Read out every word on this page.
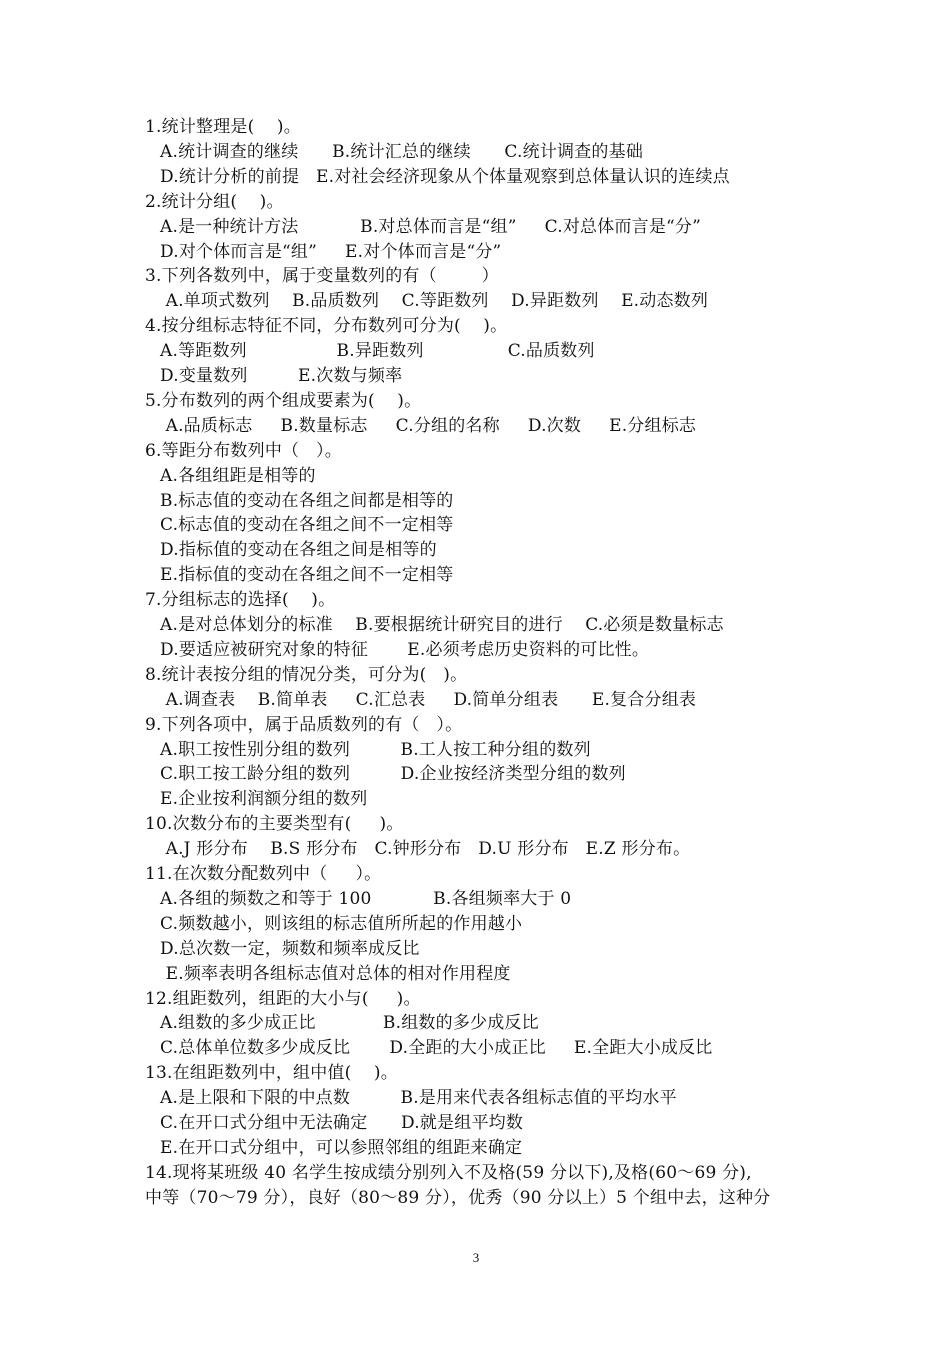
1.统计整理是(    )。
A.统计调查的继续      B.统计汇总的继续      C.统计调查的基础
D.统计分析的前提   E.对社会经济现象从个体量观察到总体量认识的连续点
2.统计分组(    )。
A.是一种统计方法           B.对总体而言是“组”     C.对总体而言是“分”
D.对个体而言是“组”     E.对个体而言是“分”
3.下列各数列中，属于变量数列的有（        ）
A.单项式数列    B.品质数列    C.等距数列    D.异距数列    E.动态数列
4.按分组标志特征不同，分布数列可分为(    )。
A.等距数列                B.异距数列               C.品质数列
D.变量数列         E.次数与频率
5.分布数列的两个组成要素为(    )。
A.品质标志     B.数量标志     C.分组的名称     D.次数     E.分组标志
6.等距分布数列中（   ）。
A.各组组距是相等的
B.标志值的变动在各组之间都是相等的
C.标志值的变动在各组之间不一定相等
D.指标值的变动在各组之间是相等的
E.指标值的变动在各组之间不一定相等
7.分组标志的选择(    )。
A.是对总体划分的标准    B.要根据统计研究目的进行    C.必须是数量标志
D.要适应被研究对象的特征       E.必须考虑历史资料的可比性。
8.统计表按分组的情况分类，可分为(   )。
A.调查表    B.简单表     C.汇总表     D.简单分组表      E.复合分组表
9.下列各项中，属于品质数列的有（   ）。
A.职工按性别分组的数列         B.工人按工种分组的数列
C.职工按工龄分组的数列         D.企业按经济类型分组的数列
E.企业按利润额分组的数列
10.次数分布的主要类型有(     )。
A.J 形分布    B.S 形分布   C.钟形分布   D.U 形分布   E.Z 形分布。
11.在次数分配数列中（     ）。
A.各组的频数之和等于 100           B.各组频率大于 0
C.频数越小，则该组的标志值所所起的作用越小
D.总次数一定，频数和频率成反比
E.频率表明各组标志值对总体的相对作用程度
12.组距数列，组距的大小与(     )。
A.组数的多少成正比            B.组数的多少成反比
C.总体单位数多少成反比       D.全距的大小成正比     E.全距大小成反比
13.在组距数列中，组中值(    )。
A.是上限和下限的中点数         B.是用来代表各组标志值的平均水平
C.在开口式分组中无法确定      D.就是组平均数
E.在开口式分组中，可以参照邻组的组距来确定
14.现将某班级 40 名学生按成绩分别列入不及格(59 分以下),及格(60～69 分),
中等（70～79 分），良好（80～89 分），优秀（90 分以上）5 个组中去，这种分
3
